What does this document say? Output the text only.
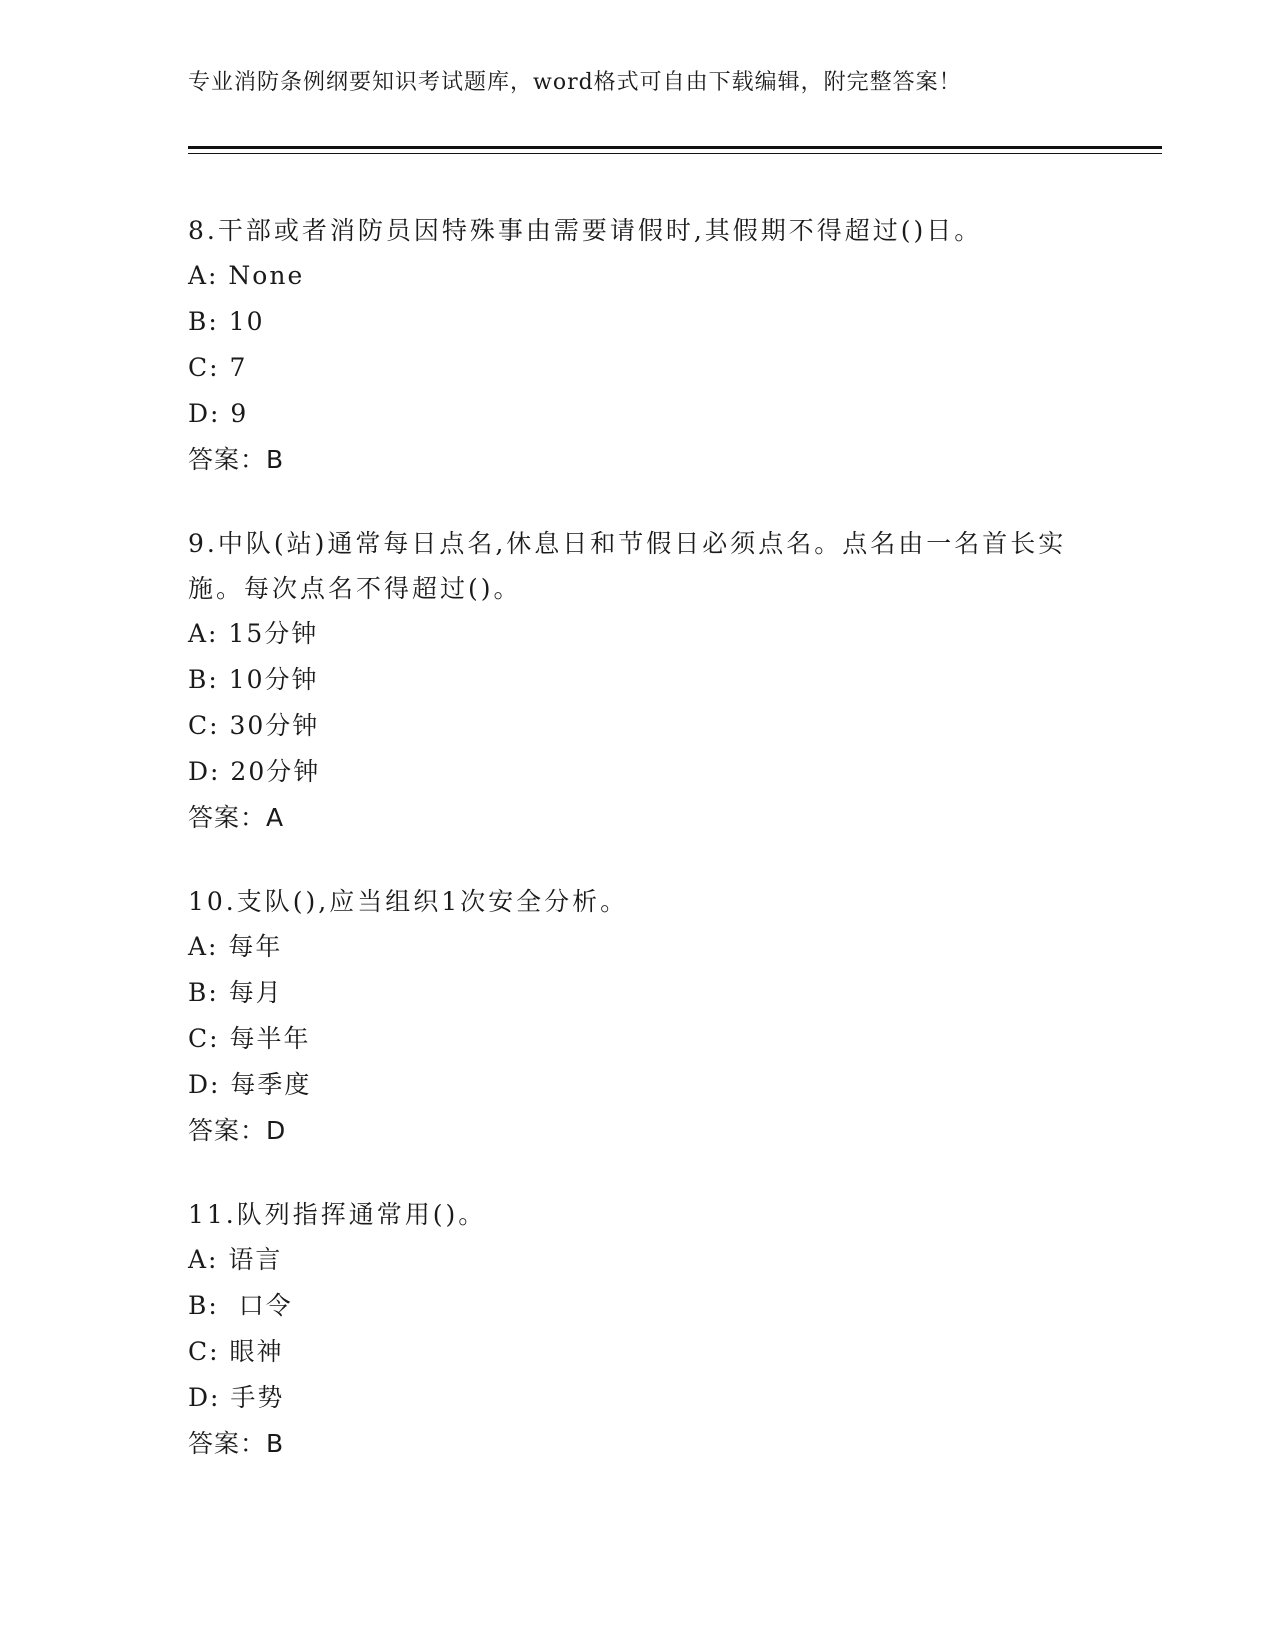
专业消防条例纲要知识考试题库，word格式可自由下载编辑，附完整答案！
8.干部或者消防员因特殊事由需要请假时,其假期不得超过()日。
A: None
B: 10
C: 7
D: 9
答案：B
9.中队(站)通常每日点名,休息日和节假日必须点名。点名由一名首长实施。每次点名不得超过()。
A: 15分钟
B: 10分钟
C: 30分钟
D: 20分钟
答案：A
10.支队(),应当组织1次安全分析。
A: 每年
B: 每月
C: 每半年
D: 每季度
答案：D
11.队列指挥通常用()。
A: 语言
B:  口令
C: 眼神
D: 手势
答案：B
